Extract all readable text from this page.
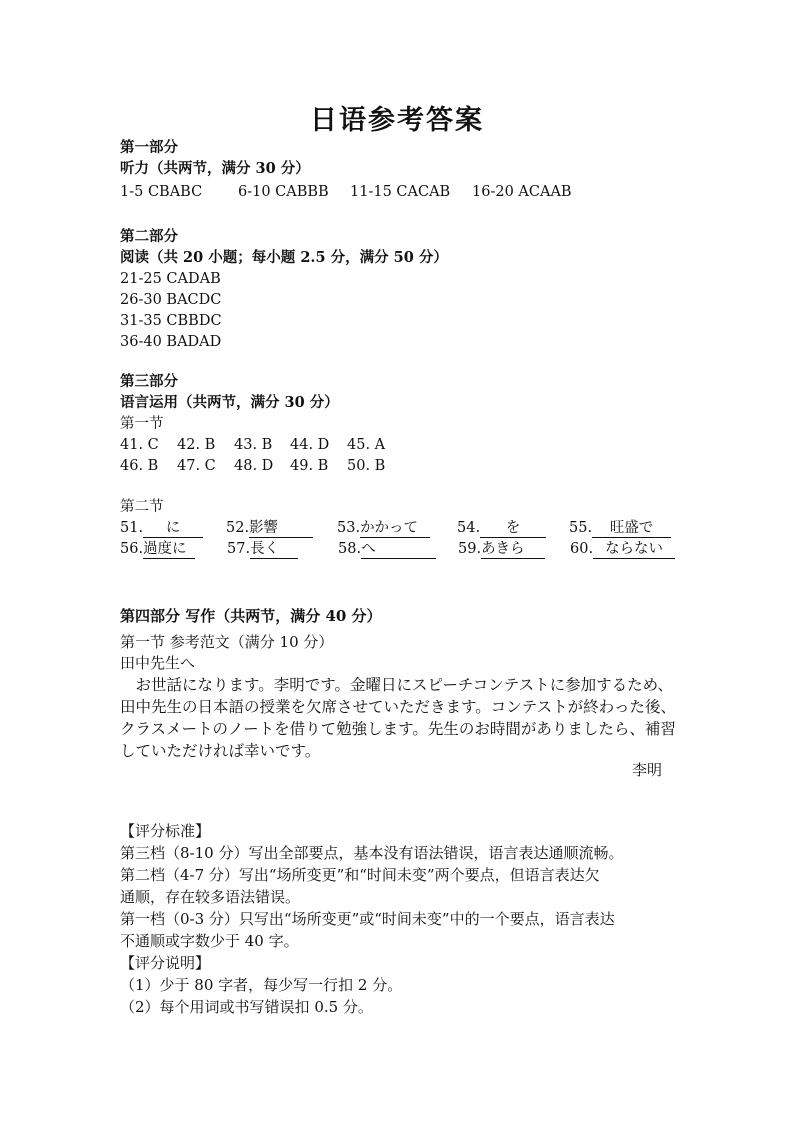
日语参考答案
第一部分
听力（共两节，满分 30 分）
1-5 CBABC 6-10 CABBB 11-15 CACAB 16-20 ACAAB
第二部分
阅读（共 20 小题；每小题 2.5 分，满分 50 分）
21-25 CADAB
26-30 BACDC
31-35 CBBDC
36-40 BADAD
第三部分
语言运用（共两节，满分 30 分）
第一节
41. C 42. B 43. B 44. D 45. A
46. B 47. C 48. D 49. B 50. B
第二节
51. に	52.影響	53.かかって	54. を	55. 旺盛で
56.過度に	57.長く	58.へ	59.あきら	60. ならない
第四部分 写作（共两节，满分 40 分）
第一节 参考范文（满分 10 分）
田中先生へ
お世話になります。李明です。金曜日にスピーチコンテストに参加するため、田中先生の日本語の授業を欠席させていただきます。コンテストが終わった後、クラスメートのノートを借りて勉強します。先生のお時間がありましたら、補習していただければ幸いです。
李明
【评分标准】
第三档（8-10 分）写出全部要点，基本没有语法错误，语言表达通顺流畅。
第二档（4-7 分）写出“场所变更”和“时间未变”两个要点，但语言表达欠
通顺，存在较多语法错误。
第一档（0-3 分）只写出“场所变更”或“时间未变”中的一个要点，语言表达
不通顺或字数少于 40 字。
【评分说明】
（1）少于 80 字者，每少写一行扣 2 分。
（2）每个用词或书写错误扣 0.5 分。
